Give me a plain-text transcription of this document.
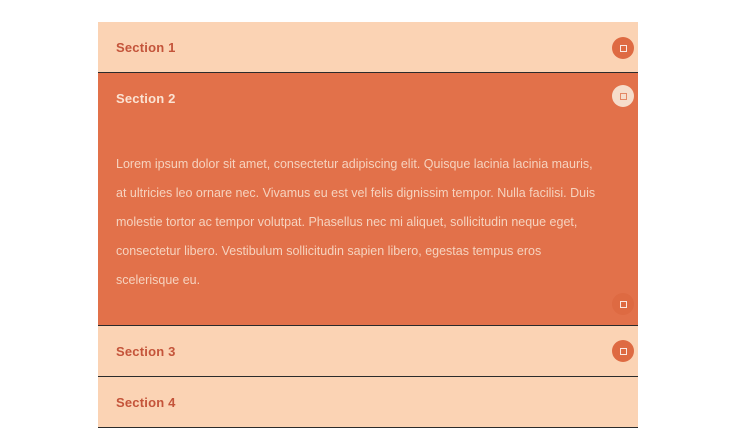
Section 1
Section 2

Lorem ipsum dolor sit amet, consectetur adipiscing elit. Quisque lacinia lacinia mauris, at ultricies leo ornare nec. Vivamus eu est vel felis dignissim tempor. Nulla facilisi. Duis molestie tortor ac tempor volutpat. Phasellus nec mi aliquet, sollicitudin neque eget, consectetur libero. Vestibulum sollicitudin sapien libero, egestas tempus eros scelerisque eu.

Section 3
Section 4
